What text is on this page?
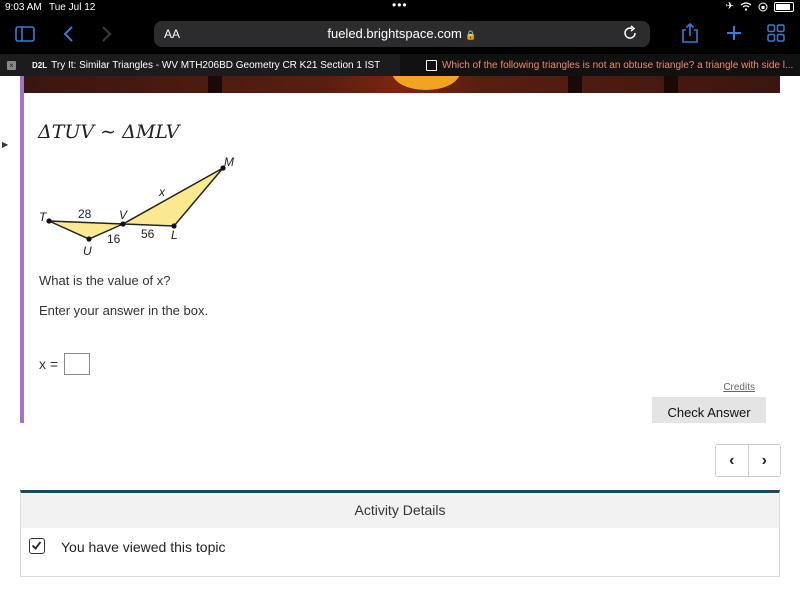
9:03 AM Tue Jul 12	•••	✈
AA	fueled.brightspace.com 🔒
× D2L Try It: Similar Triangles - WV MTH206BD Geometry CR K21 Section 1 IST	Which of the following triangles is not an obtuse triangle? a triangle with side l...
▶
ΔTUV ∼ ΔMLV
T
U
V
L
M
28
16 56
x
What is the value of x?
Enter your answer in the box.
x =
Credits
Check Answer
‹ ›
Activity Details
You have viewed this topic
